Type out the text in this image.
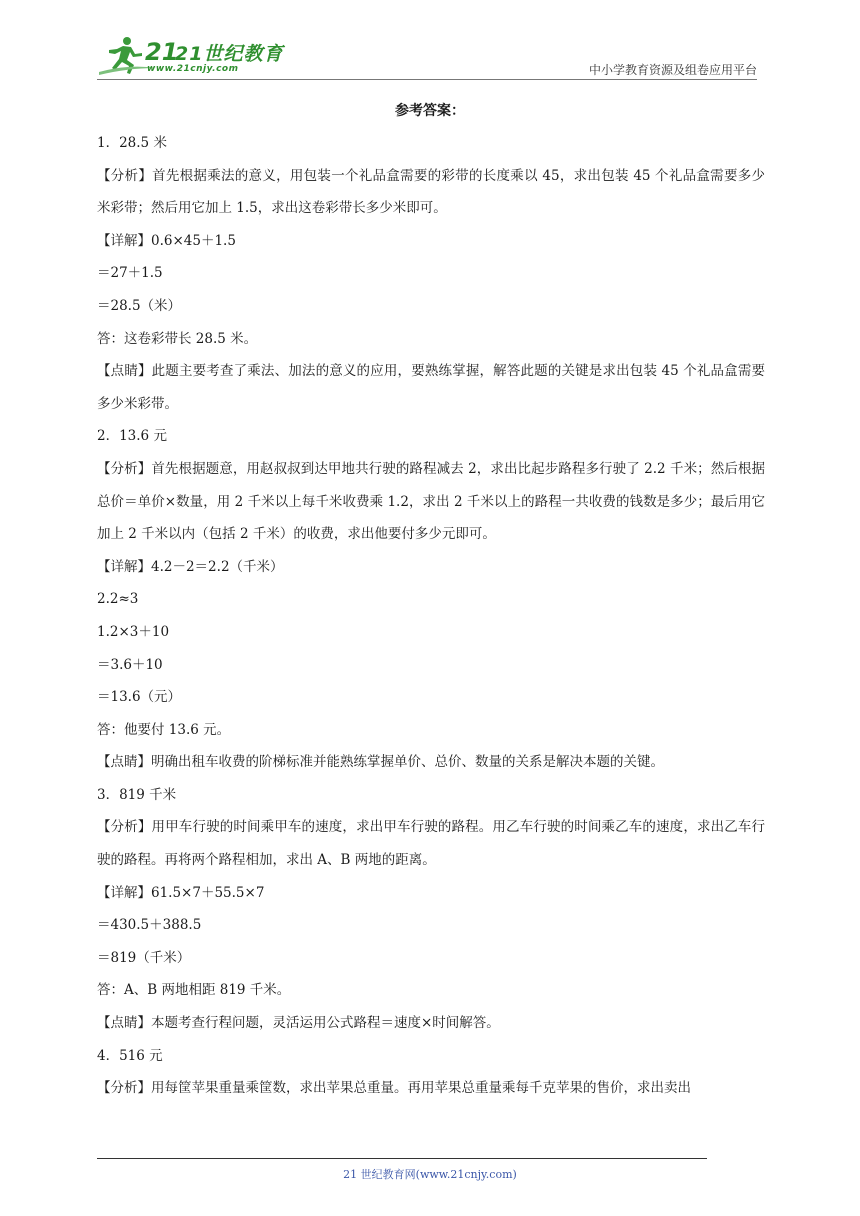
21
21世纪教育
www.21cnjy.com	中小学教育资源及组卷应用平台
参考答案：

1．28.5 米

【分析】首先根据乘法的意义，用包装一个礼品盒需要的彩带的长度乘以 45，求出包装 45 个礼品盒需要多少米彩带；然后用它加上 1.5，求出这卷彩带长多少米即可。

【详解】0.6×45＋1.5

＝27＋1.5

＝28.5（米）

答：这卷彩带长 28.5 米。

【点睛】此题主要考查了乘法、加法的意义的应用，要熟练掌握，解答此题的关键是求出包装 45 个礼品盒需要多少米彩带。

2．13.6 元

【分析】首先根据题意，用赵叔叔到达甲地共行驶的路程减去 2，求出比起步路程多行驶了 2.2 千米；然后根据总价＝单价×数量，用 2 千米以上每千米收费乘 1.2，求出 2 千米以上的路程一共收费的钱数是多少；最后用它加上 2 千米以内（包括 2 千米）的收费，求出他要付多少元即可。

【详解】4.2－2＝2.2（千米）

2.2≈3

1.2×3＋10

＝3.6＋10

＝13.6（元）

答：他要付 13.6 元。

【点睛】明确出租车收费的阶梯标准并能熟练掌握单价、总价、数量的关系是解决本题的关键。

3．819 千米

【分析】用甲车行驶的时间乘甲车的速度，求出甲车行驶的路程。用乙车行驶的时间乘乙车的速度，求出乙车行驶的路程。再将两个路程相加，求出 A、B 两地的距离。

【详解】61.5×7＋55.5×7

＝430.5＋388.5

＝819（千米）

答：A、B 两地相距 819 千米。

【点睛】本题考查行程问题，灵活运用公式路程＝速度×时间解答。

4．516 元

【分析】用每筐苹果重量乘筐数，求出苹果总重量。再用苹果总重量乘每千克苹果的售价，求出卖出

21 世纪教育网(www.21cnjy.com)
